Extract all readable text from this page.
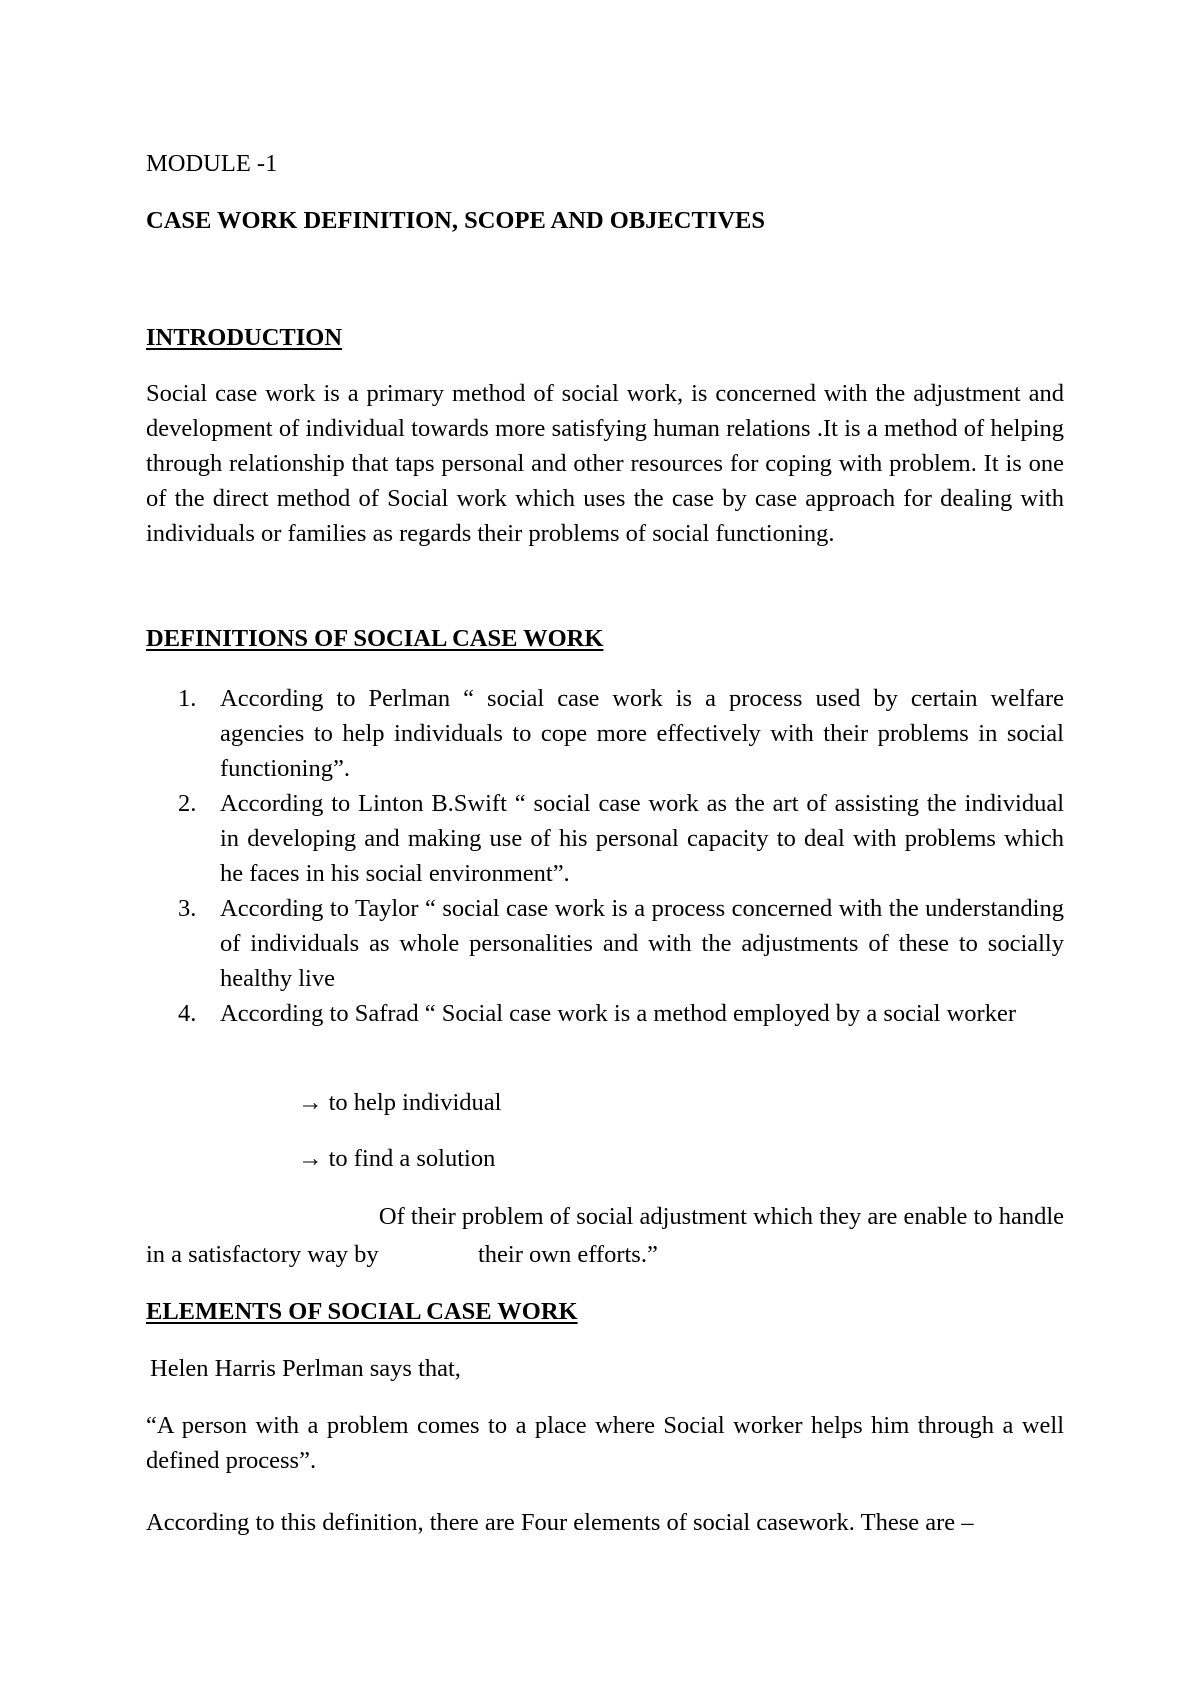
MODULE -1

CASE WORK DEFINITION, SCOPE AND OBJECTIVES

INTRODUCTION

Social case work is a primary method of social work, is concerned with the adjustment and development of individual towards more satisfying human relations .It is a method of helping through relationship that taps personal and other resources for coping with problem. It is one of the direct method of Social work which uses the case by case approach for dealing with individuals or families as regards their problems of social functioning.

DEFINITIONS OF SOCIAL CASE WORK

1. According to Perlman “ social case work is a process used by certain welfare agencies to help individuals to cope more effectively with their problems in social functioning”.
2. According to Linton B.Swift “ social case work as the art of assisting the individual in developing and making use of his personal capacity to deal with problems which he faces in his social environment”.
3. According to Taylor “ social case work is a process concerned with the understanding of individuals as whole personalities and with the adjustments of these to socially healthy live
4. According to Safrad “ Social case work is a method employed by a social worker

→ to help individual

→ to find a solution

Of their problem of social adjustment which they are enable to handle

in a satisfactory way by	their own efforts.”

ELEMENTS OF SOCIAL CASE WORK

Helen Harris Perlman says that,

“A person with a problem comes to a place where Social worker helps him through a well defined process”.

According to this definition, there are Four elements of social casework. These are –
